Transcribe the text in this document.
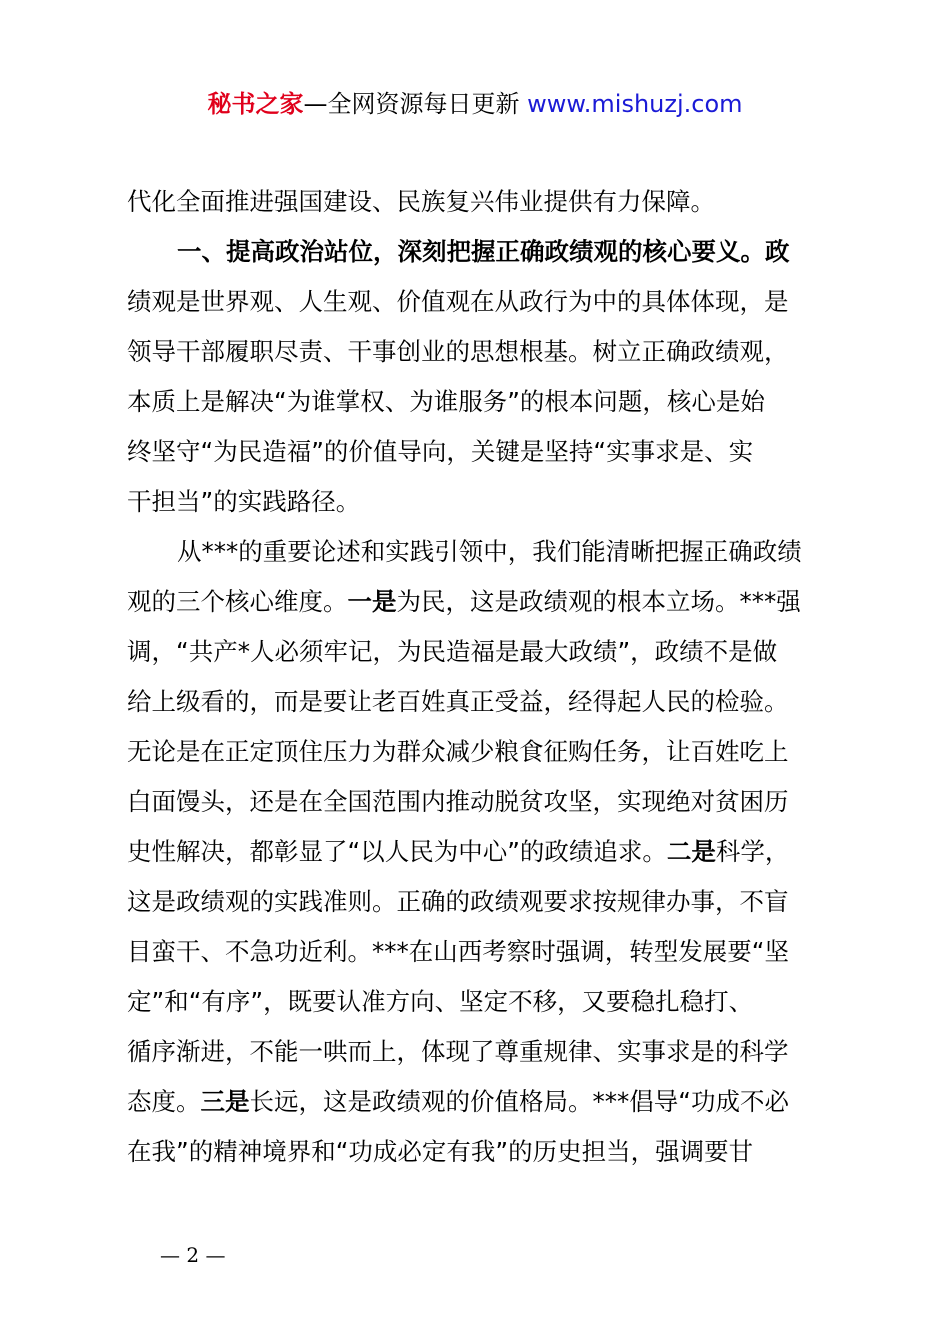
秘书之家—全网资源每日更新 www.mishuzj.com
代化全面推进强国建设、民族复兴伟业提供有力保障。
一、提高政治站位，深刻把握正确政绩观的核心要义。政
绩观是世界观、人生观、价值观在从政行为中的具体体现，是
领导干部履职尽责、干事创业的思想根基。树立正确政绩观，
本质上是解决“为谁掌权、为谁服务”的根本问题，核心是始
终坚守“为民造福”的价值导向，关键是坚持“实事求是、实
干担当”的实践路径。
从***的重要论述和实践引领中，我们能清晰把握正确政绩
观的三个核心维度。一是为民，这是政绩观的根本立场。***强
调，“共产*人必须牢记，为民造福是最大政绩”，政绩不是做
给上级看的，而是要让老百姓真正受益，经得起人民的检验。
无论是在正定顶住压力为群众减少粮食征购任务，让百姓吃上
白面馒头，还是在全国范围内推动脱贫攻坚，实现绝对贫困历
史性解决，都彰显了“以人民为中心”的政绩追求。二是科学，
这是政绩观的实践准则。正确的政绩观要求按规律办事，不盲
目蛮干、不急功近利。***在山西考察时强调，转型发展要“坚
定”和“有序”，既要认准方向、坚定不移，又要稳扎稳打、
循序渐进，不能一哄而上，体现了尊重规律、实事求是的科学
态度。三是长远，这是政绩观的价值格局。***倡导“功成不必
在我”的精神境界和“功成必定有我”的历史担当，强调要甘
— 2 —
